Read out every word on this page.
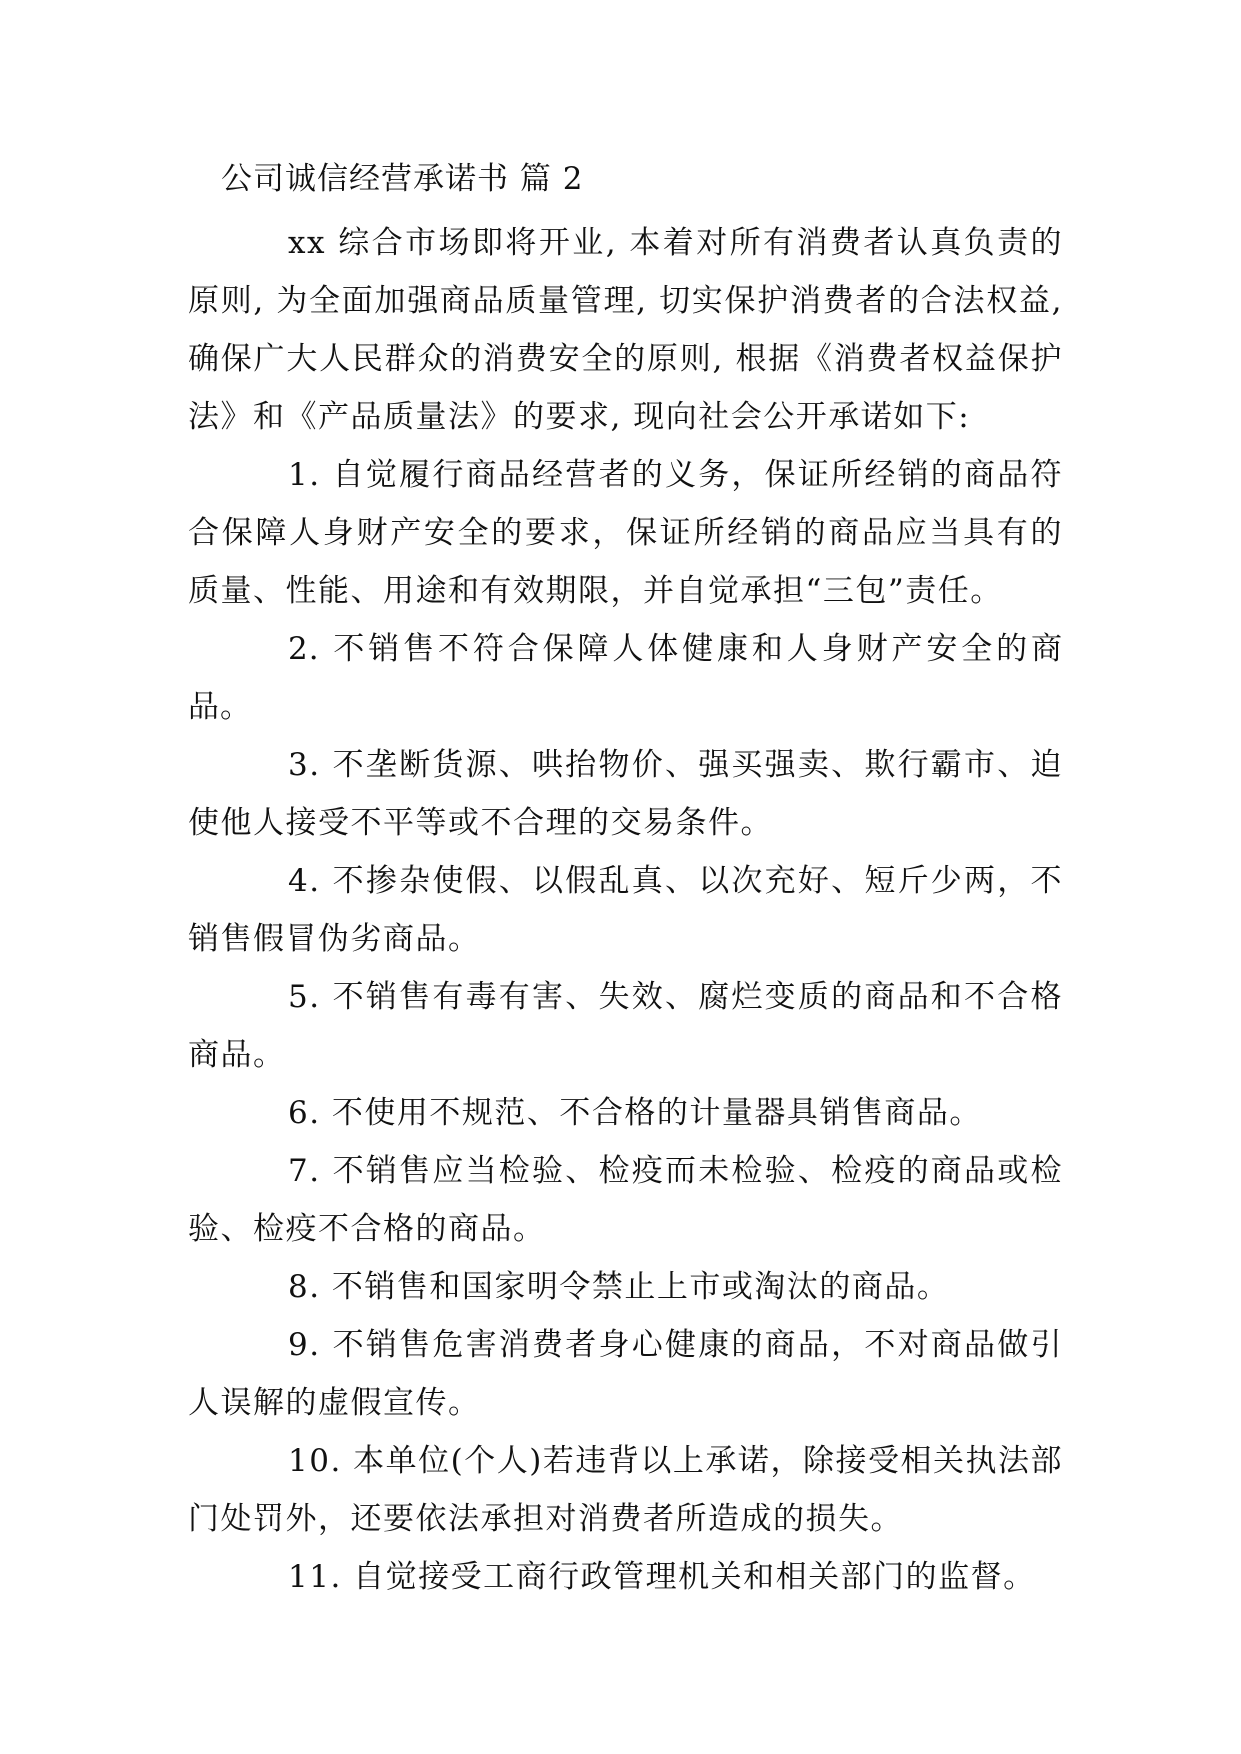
公司诚信经营承诺书 篇 2

xx 综合市场即将开业, 本着对所有消费者认真负责的原则, 为全面加强商品质量管理, 切实保护消费者的合法权益, 确保广大人民群众的消费安全的原则, 根据《消费者权益保护法》和《产品质量法》的要求, 现向社会公开承诺如下:

1. 自觉履行商品经营者的义务，保证所经销的商品符合保障人身财产安全的要求，保证所经销的商品应当具有的质量、性能、用途和有效期限，并自觉承担“三包”责任。

2. 不销售不符合保障人体健康和人身财产安全的商品。

3. 不垄断货源、哄抬物价、强买强卖、欺行霸市、迫使他人接受不平等或不合理的交易条件。

4. 不掺杂使假、以假乱真、以次充好、短斤少两，不销售假冒伪劣商品。

5. 不销售有毒有害、失效、腐烂变质的商品和不合格商品。

6. 不使用不规范、不合格的计量器具销售商品。

7. 不销售应当检验、检疫而未检验、检疫的商品或检验、检疫不合格的商品。

8. 不销售和国家明令禁止上市或淘汰的商品。

9. 不销售危害消费者身心健康的商品，不对商品做引人误解的虚假宣传。

10. 本单位(个人)若违背以上承诺，除接受相关执法部门处罚外，还要依法承担对消费者所造成的损失。

11. 自觉接受工商行政管理机关和相关部门的监督。
